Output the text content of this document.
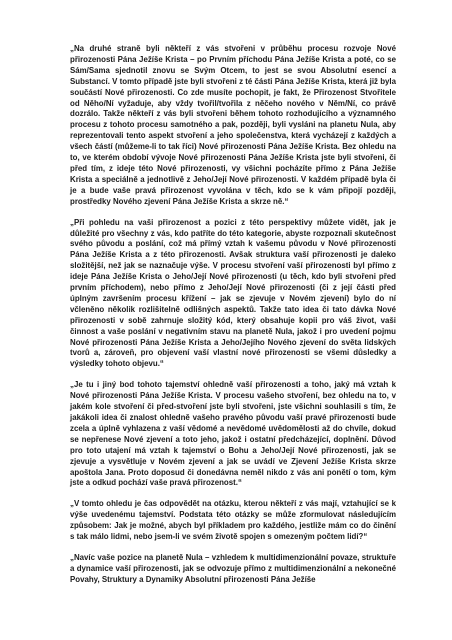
„Na druhé straně byli někteří z vás stvořeni v průběhu procesu rozvoje Nové přirozenosti Pána Ježíše Krista – po Prvním příchodu Pána Ježíše Krista a poté, co se Sám/Sama sjednotil znovu se Svým Otcem, to jest se svou Absolutní esencí a Substancí. V tomto případě jste byli stvořeni z té části Pána Ježíše Krista, která již byla součástí Nové přirozenosti. Co zde musíte pochopit, je fakt, že Přirozenost Stvořitele od Něho/Ní vyžaduje, aby vždy tvořil/tvořila z něčeho nového v Něm/Ní, co právě dozrálo. Takže někteří z vás byli stvořeni během tohoto rozhodujícího a významného procesu z tohoto procesu samotného a pak, později, byli vysláni na planetu Nula, aby reprezentovali tento aspekt stvoření a jeho společenstva, která vycházejí z každých a všech částí (můžeme-li to tak říci) Nové přirozenosti Pána Ježíše Krista. Bez ohledu na to, ve kterém období vývoje Nové přirozenosti Pána Ježíše Krista jste byli stvořeni, či před tím, z ideje této Nové přirozenosti, vy všichni pocházíte přímo z Pána Ježíše Krista a speciálně a jednotlivě z Jeho/Její Nové přirozenosti. V každém případě byla či je a bude vaše pravá přirozenost vyvolána v těch, kdo se k vám připojí později, prostředky Nového zjevení Pána Ježíše Krista a skrze ně.“

„Při pohledu na vaši přirozenost a pozici z této perspektivy můžete vidět, jak je důležité pro všechny z vás, kdo patříte do této kategorie, abyste rozpoznali skutečnost svého původu a poslání, což má přímý vztah k vašemu původu v Nové přirozenosti Pána Ježíše Krista a z této přirozenosti. Avšak struktura vaší přirozenosti je daleko složitější, než jak se naznačuje výše. V procesu stvoření vaší přirozenosti byl přímo z ideje Pána Ježíše Krista o Jeho/Její Nové přirozenosti (u těch, kdo byli stvořeni před prvním příchodem), nebo přímo z Jeho/Její Nové přirozenosti (či z její části před úplným završením procesu křížení – jak se zjevuje v Novém zjevení) bylo do ní včleněno několik rozlišitelně odlišných aspektů. Takže tato idea či tato dávka Nové přirozenosti v sobě zahrnuje složitý kód, který obsahuje kopii pro váš život, vaši činnost a vaše poslání v negativním stavu na planetě Nula, jakož i pro uvedení pojmu Nové přirozenosti Pána Ježíše Krista a Jeho/Jejího Nového zjevení do světa lidských tvorů a, zároveň, pro objevení vaší vlastní nové přirozenosti se všemi důsledky a výsledky tohoto objevu.“

„Je tu i jiný bod tohoto tajemství ohledně vaší přirozenosti a toho, jaký má vztah k Nové přirozenosti Pána Ježíše Krista. V procesu vašeho stvoření, bez ohledu na to, v jakém kole stvoření či před-stvoření jste byli stvořeni, jste všichni souhlasili s tím, že jakákoli idea či znalost ohledně vašeho pravého původu vaší pravé přirozenosti bude zcela a úplně vyhlazena z vaší vědomé a nevědomé uvědomělosti až do chvíle, dokud se nepřenese Nové zjevení a toto jeho, jakož i ostatní předcházející, doplnění. Důvod pro toto utajení má vztah k tajemství o Bohu a Jeho/Její Nové přirozenosti, jak se zjevuje a vysvětluje v Novém zjevení a jak se uvádí ve Zjevení Ježíše Krista skrze apoštola Jana. Proto doposud či donedávna neměl nikdo z vás ani ponětí o tom, kým jste a odkud pochází vaše pravá přirozenost.“

„V tomto ohledu je čas odpovědět na otázku, kterou někteří z vás mají, vztahující se k výše uvedenému tajemství. Podstata této otázky se může zformulovat následujícím způsobem: Jak je možné, abych byl příkladem pro každého, jestliže mám co do činění s tak málo lidmi, nebo jsem-li ve svém životě spojen s omezeným počtem lidí?“

„Navíc vaše pozice na planetě Nula – vzhledem k multidimenzionální povaze, struktuře a dynamice vaší přirozenosti, jak se odvozuje přímo z multidimenzionální a nekonečné Povahy, Struktury a Dynamiky Absolutní přirozenosti Pána Ježíše
